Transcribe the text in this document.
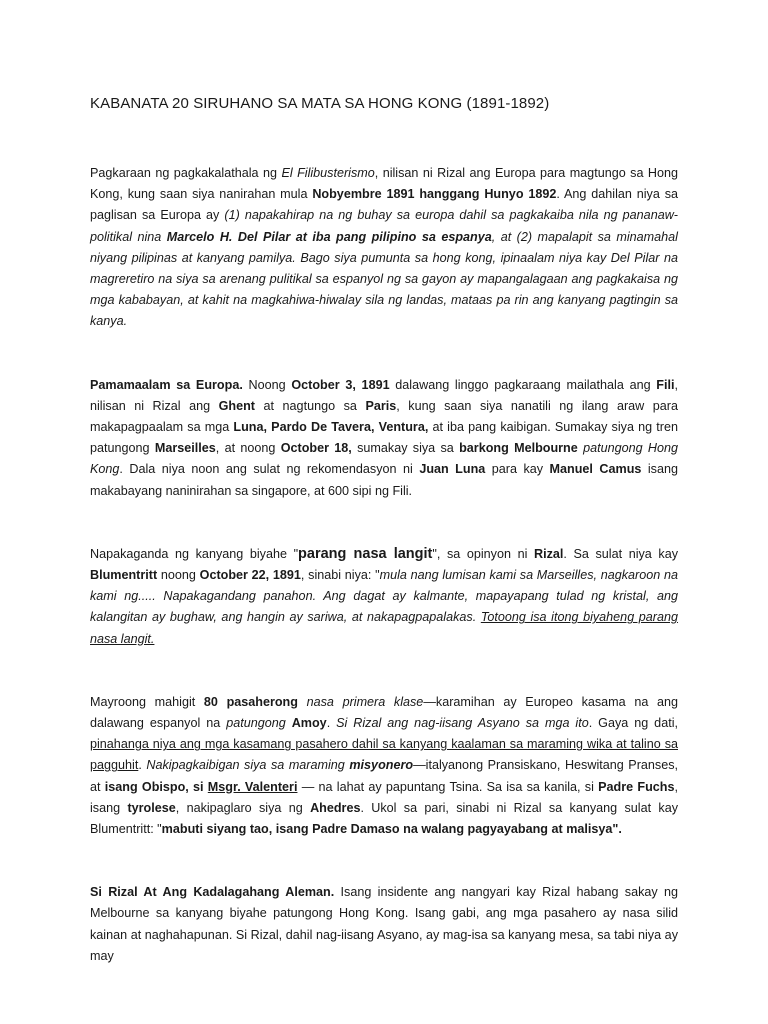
KABANATA 20 SIRUHANO SA MATA SA HONG KONG (1891-1892)

Pagkaraan ng pagkakalathala ng El Filibusterismo, nilisan ni Rizal ang Europa para magtungo sa Hong Kong, kung saan siya nanirahan mula Nobyembre 1891 hanggang Hunyo 1892. Ang dahilan niya sa paglisan sa Europa ay (1) napakahirap na ng buhay sa europa dahil sa pagkakaiba nila ng pananaw-politikal nina Marcelo H. Del Pilar at iba pang pilipino sa espanya, at (2) mapalapit sa minamahal niyang pilipinas at kanyang pamilya. Bago siya pumunta sa hong kong, ipinaalam niya kay Del Pilar na magreretiro na siya sa arenang pulitikal sa espanyol ng sa gayon ay mapangalagaan ang pagkakaisa ng mga kababayan, at kahit na magkahiwa-hiwalay sila ng landas, mataas pa rin ang kanyang pagtingin sa kanya.

Pamamaalam sa Europa. Noong October 3, 1891 dalawang linggo pagkaraang mailathala ang Fili, nilisan ni Rizal ang Ghent at nagtungo sa Paris, kung saan siya nanatili ng ilang araw para makapagpaalam sa mga Luna, Pardo De Tavera, Ventura, at iba pang kaibigan. Sumakay siya ng tren patungong Marseilles, at noong October 18, sumakay siya sa barkong Melbourne patungong Hong Kong. Dala niya noon ang sulat ng rekomendasyon ni Juan Luna para kay Manuel Camus isang makabayang naninirahan sa singapore, at 600 sipi ng Fili.

Napakaganda ng kanyang biyahe "parang nasa langit", sa opinyon ni Rizal. Sa sulat niya kay Blumentritt noong October 22, 1891, sinabi niya: "mula nang lumisan kami sa Marseilles, nagkaroon na kami ng..... Napakagandang panahon. Ang dagat ay kalmante, mapayapang tulad ng kristal, ang kalangitan ay bughaw, ang hangin ay sariwa, at nakapagpapalakas. Totoong isa itong biyaheng parang nasa langit.

Mayroong mahigit 80 pasaherong nasa primera klase—karamihan ay Europeo kasama na ang dalawang espanyol na patungong Amoy. Si Rizal ang nag-iisang Asyano sa mga ito. Gaya ng dati, pinahanga niya ang mga kasamang pasahero dahil sa kanyang kaalaman sa maraming wika at talino sa pagguhit. Nakipagkaibigan siya sa maraming misyonero—italyanong Pransiskano, Heswitang Pranses, at isang Obispo, si Msgr. Valenteri — na lahat ay papuntang Tsina. Sa isa sa kanila, si Padre Fuchs, isang tyrolese, nakipaglaro siya ng Ahedres. Ukol sa pari, sinabi ni Rizal sa kanyang sulat kay Blumentritt: "mabuti siyang tao, isang Padre Damaso na walang pagyayabang at malisya".

Si Rizal At Ang Kadalagahang Aleman. Isang insidente ang nangyari kay Rizal habang sakay ng Melbourne sa kanyang biyahe patungong Hong Kong. Isang gabi, ang mga pasahero ay nasa silid kainan at naghahapunan. Si Rizal, dahil nag-iisang Asyano, ay mag-isa sa kanyang mesa, sa tabi niya ay may
